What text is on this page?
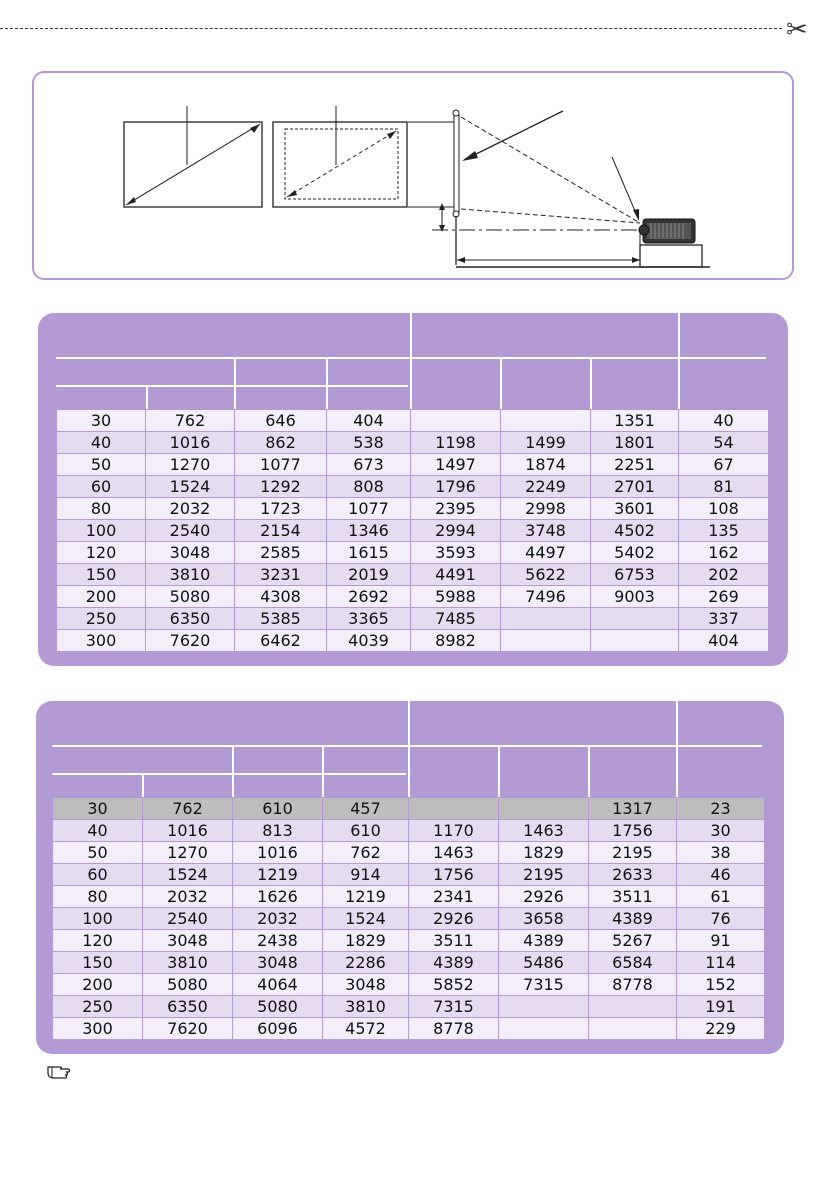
✂
30	762	646	404			1351	40
40	1016	862	538	1198	1499	1801	54
50	1270	1077	673	1497	1874	2251	67
60	1524	1292	808	1796	2249	2701	81
80	2032	1723	1077	2395	2998	3601	108
100	2540	2154	1346	2994	3748	4502	135
120	3048	2585	1615	3593	4497	5402	162
150	3810	3231	2019	4491	5622	6753	202
200	5080	4308	2692	5988	7496	9003	269
250	6350	5385	3365	7485			337
300	7620	6462	4039	8982			404
30	762	610	457			1317	23
40	1016	813	610	1170	1463	1756	30
50	1270	1016	762	1463	1829	2195	38
60	1524	1219	914	1756	2195	2633	46
80	2032	1626	1219	2341	2926	3511	61
100	2540	2032	1524	2926	3658	4389	76
120	3048	2438	1829	3511	4389	5267	91
150	3810	3048	2286	4389	5486	6584	114
200	5080	4064	3048	5852	7315	8778	152
250	6350	5080	3810	7315			191
300	7620	6096	4572	8778			229
